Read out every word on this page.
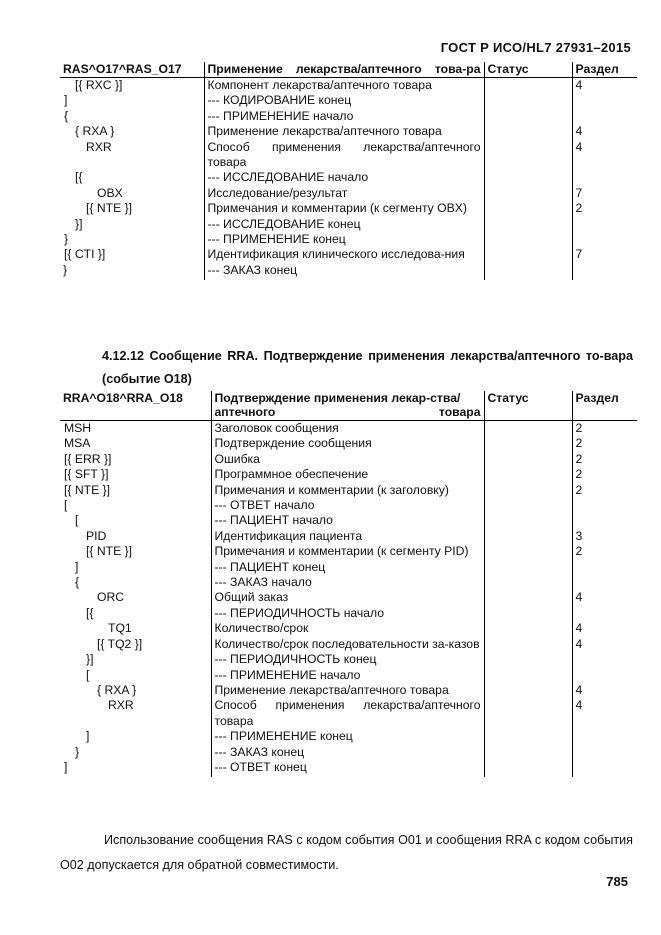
ГОСТ Р ИСО/HL7 27931–2015
RAS^O17^RAS_O17	Применение лекарства/аптечного това-ра	Статус	Раздел
[{ RXC }]	Компонент лекарства/аптечного товара		4
]	--- КОДИРОВАНИЕ конец		
{	--- ПРИМЕНЕНИЕ начало		
{ RXA }	Применение лекарства/аптечного товара		4
RXR	Способ применения лекарства/аптечного товара		4
[{	--- ИССЛЕДОВАНИЕ начало		
OBX	Исследование/результат		7
[{ NTE }]	Примечания и комментарии (к сегменту OBX)		2
}]	--- ИССЛЕДОВАНИЕ конец		
}	--- ПРИМЕНЕНИЕ конец		
[{ CTI }]	Идентификация клинического исследова-ния		7
}	--- ЗАКАЗ конец		
4.12.12 Сообщение RRA. Подтверждение применения лекарства/аптечного то-вара (событие O18)
RRA^O18^RRA_O18	Подтверждение применения лекар-ства/аптечного товара	Статус	Раздел
MSH	Заголовок сообщения		2
MSA	Подтверждение сообщения		2
[{ ERR }]	Ошибка		2
[{ SFT }]	Программное обеспечение		2
[{ NTE }]	Примечания и комментарии (к заголовку)		2
[	--- ОТВЕТ начало		
[	--- ПАЦИЕНТ начало		
PID	Идентификация пациента		3
[{ NTE }]	Примечания и комментарии (к сегменту PID)		2
]	--- ПАЦИЕНТ конец		
{	--- ЗАКАЗ начало		
ORC	Общий заказ		4
[{	--- ПЕРИОДИЧНОСТЬ начало		
TQ1	Количество/срок		4
[{ TQ2 }]	Количество/срок последовательности за-казов		4
}]	--- ПЕРИОДИЧНОСТЬ конец		
[	--- ПРИМЕНЕНИЕ начало		
{ RXA }	Применение лекарства/аптечного товара		4
RXR	Способ применения лекарства/аптечного товара		4
]	--- ПРИМЕНЕНИЕ конец		
}	--- ЗАКАЗ конец		
]	--- ОТВЕТ конец		
Использование сообщения RAS с кодом события O01 и сообщения RRA с кодом события O02 допускается для обратной совместимости.
785
